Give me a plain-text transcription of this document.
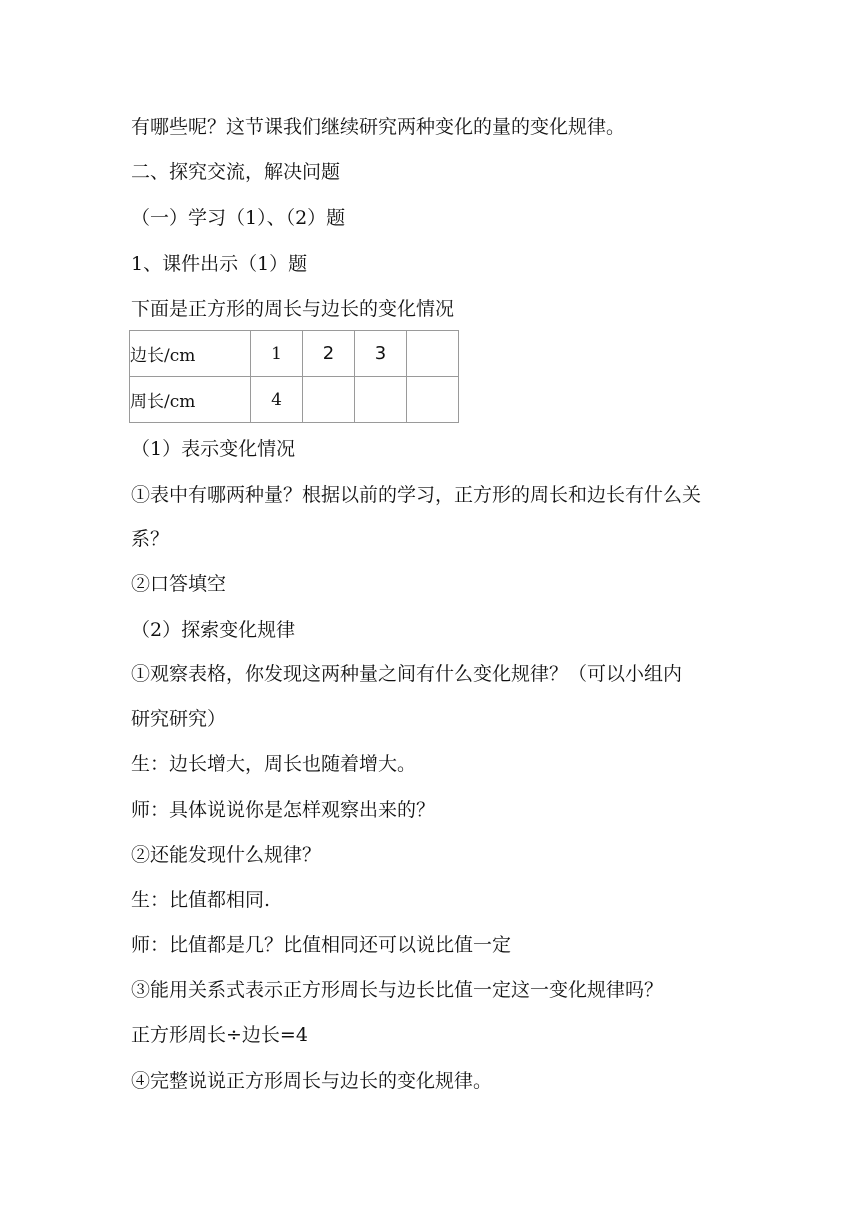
有哪些呢？这节课我们继续研究两种变化的量的变化规律。
二、探究交流，解决问题
（一）学习（1）、（2）题
1、课件出示（1）题
下面是正方形的周长与边长的变化情况
边长/cm	1	2	3	
周长/cm	4			
（1）表示变化情况
①表中有哪两种量？根据以前的学习，正方形的周长和边长有什么关
系？
②口答填空
（2）探索变化规律
①观察表格，你发现这两种量之间有什么变化规律？（可以小组内
研究研究）
生：边长增大，周长也随着增大。
师：具体说说你是怎样观察出来的？
②还能发现什么规律？
生：比值都相同.
师：比值都是几？比值相同还可以说比值一定
③能用关系式表示正方形周长与边长比值一定这一变化规律吗？
正方形周长÷边长=4
④完整说说正方形周长与边长的变化规律。
